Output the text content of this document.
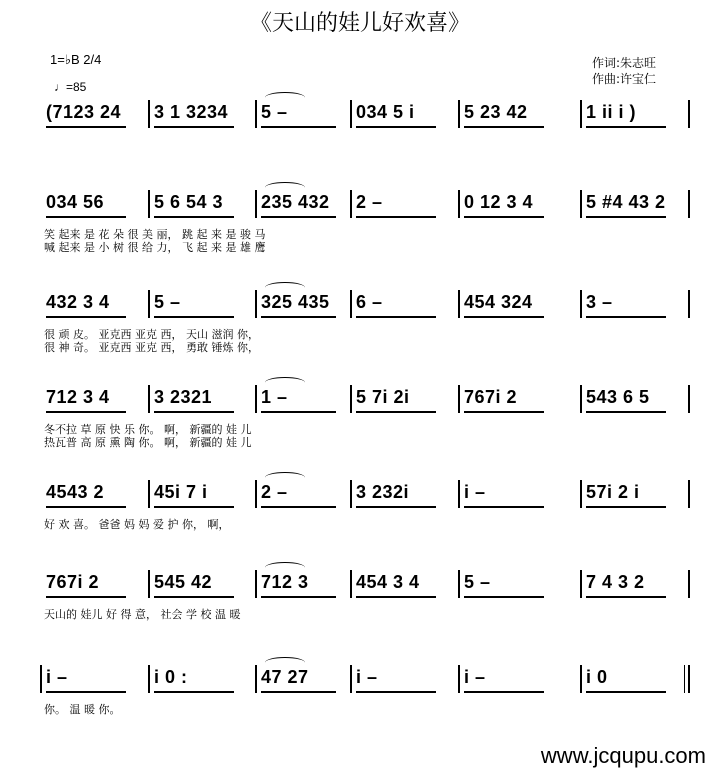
《天山的娃儿好欢喜》
1=♭B 2/4
♩=85
作词:朱志旺
作曲:许宝仁
(7123 24 3 1 3234 5 –	034 5 i	5 23 42	1 ii i )
034 56	5 6 54 3 235 432 2 –	0 12 3 4	5 #4 43 2
笑 起来 是 花 朵 很 美 丽， 跳 起 来 是 骏 马
喊 起来 是 小 树 很 给 力， 飞 起 来 是 雄 鹰
432 3 4 5 –	325 435 6 –	454 324	3 –
很 顽 皮。 亚克西 亚克 西， 天山 滋润 你，
很 神 奇。 亚克西 亚克 西， 勇敢 锤炼 你，
712 3 4 3 2321	1 –	5 7i 2i	767i 2	543 6 5
冬不拉 草 原 快 乐 你。 啊， 新疆的 娃 儿
热瓦普 高 原 熏 陶 你。 啊， 新疆的 娃 儿
4543 2	45i 7 i	2 –	3 232i	i –	57i 2 i
好 欢 喜。 爸爸 妈 妈 爱 护 你， 啊，
767i 2	545 42	712 3	454 3 4 5 –	7 4 3 2
天山的 娃儿 好 得 意， 社会 学 校 温 暖
i –	i 0 :	47 27	i –	i –	i 0
你。 温 暖 你。
www.jcqupu.com
